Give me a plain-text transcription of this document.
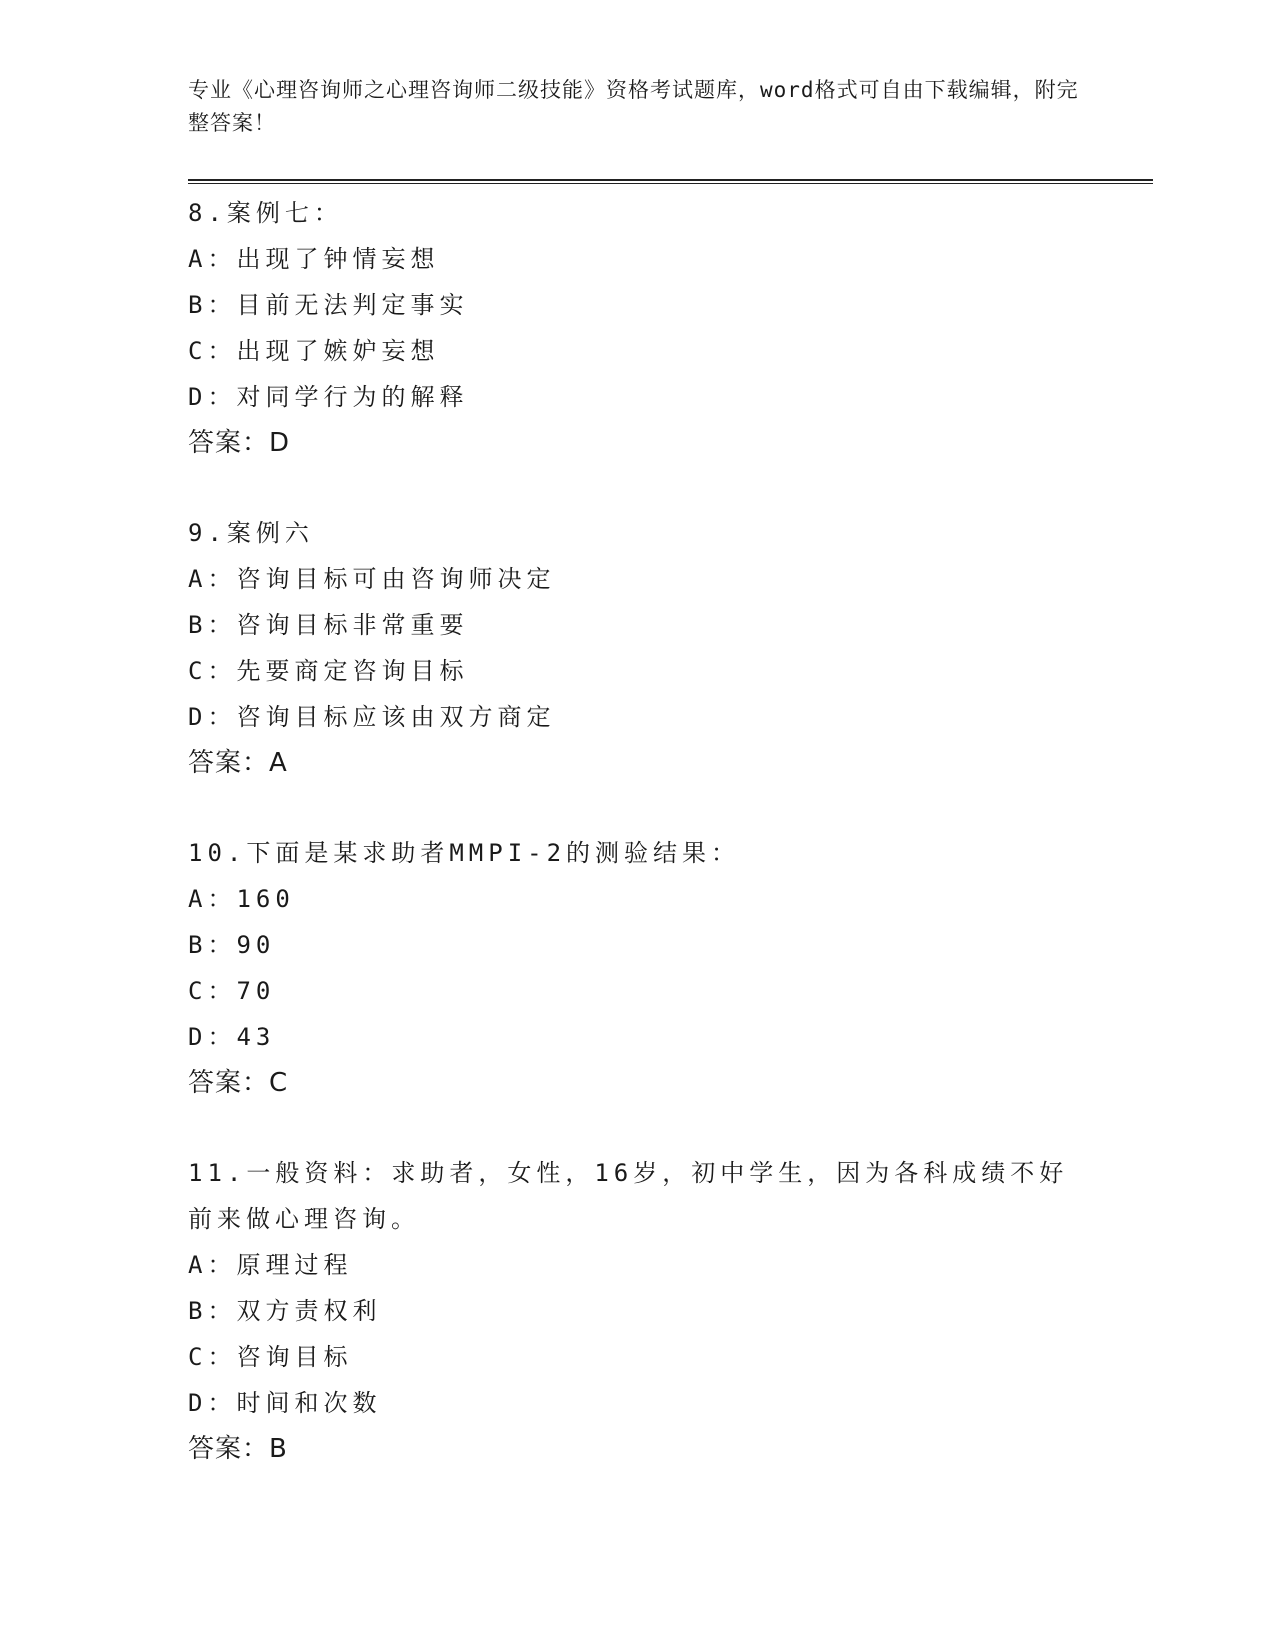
专业《心理咨询师之心理咨询师二级技能》资格考试题库，word格式可自由下载编辑，附完整答案！
8.案例七：
A：出现了钟情妄想
B：目前无法判定事实
C：出现了嫉妒妄想
D：对同学行为的解释
答案：D
9.案例六
A：咨询目标可由咨询师决定
B：咨询目标非常重要
C：先要商定咨询目标
D：咨询目标应该由双方商定
答案：A
10.下面是某求助者MMPI-2的测验结果：
A：160
B：90
C：70
D：43
答案：C
11.一般资料：求助者，女性，16岁，初中学生，因为各科成绩不好前来做心理咨询。
A：原理过程
B：双方责权利
C：咨询目标
D：时间和次数
答案：B
